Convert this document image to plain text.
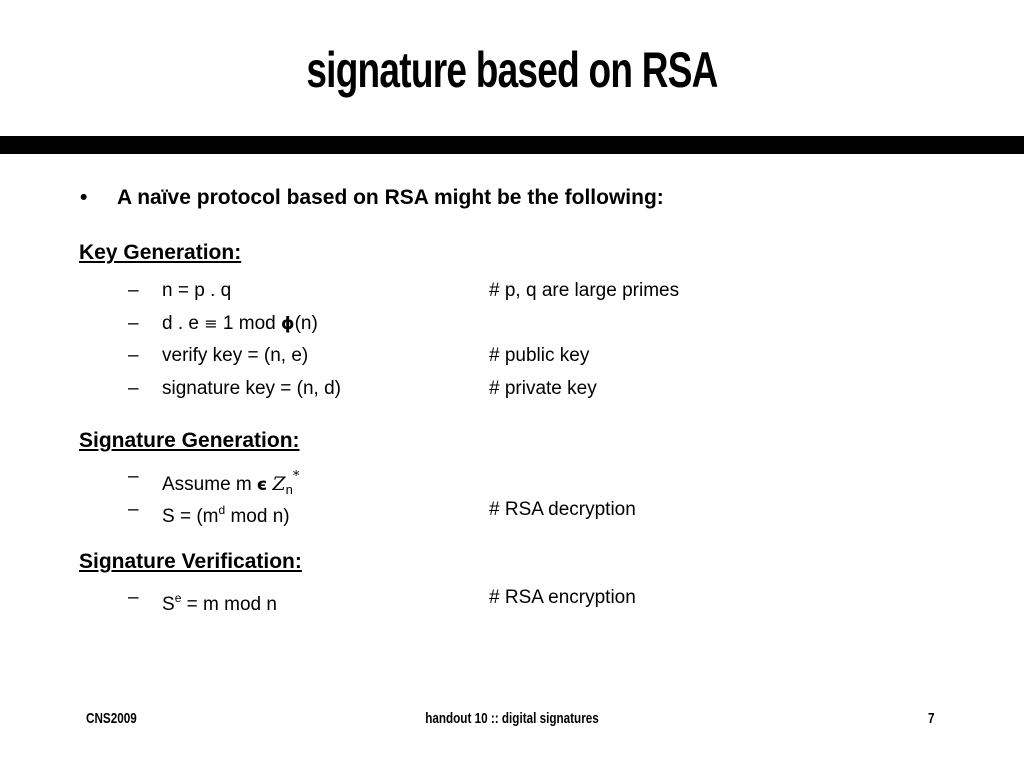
signature based on RSA
• A naïve protocol based on RSA might be the following:
Key Generation:
– n = p . q	# p, q are large primes
– d . e ≡ 1 mod ϕ(n)
– verify key = (n, e)	# public key
– signature key = (n, d)	# private key
Signature Generation:
– Assume m є $Z_n^*$
– $S = (m^d$ mod n)	# RSA decryption
Signature Verification:
– $S^e = m$ mod n	# RSA encryption
CNS2009	handout 10 :: digital signatures	7
